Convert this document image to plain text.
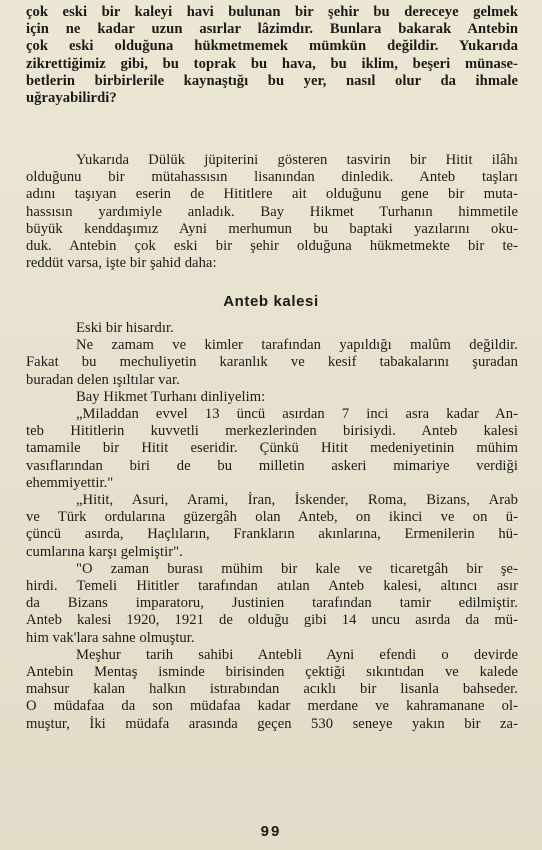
çok eski bir kaleyi havi bulunan bir şehir bu dereceye gelmek

için ne kadar uzun asırlar lâzimdır. Bunlara bakarak Antebin

çok eski olduğuna hükmetmemek mümkün değildir. Yukarıda

zikrettiğimiz gibi, bu toprak bu hava, bu iklim, beşeri münase-

betlerin birbirlerile kaynaştığı bu yer, nasıl olur da ihmale

uğrayabilirdi?

Yukarıda Dülük jüpiterini gösteren tasvirin bir Hitit ilâhı

olduğunu bir mütahassısın lisanından dinledik. Anteb taşları

adını taşıyan eserin de Hititlere ait olduğunu gene bir muta-

hassısın yardımiyle anladık. Bay Hikmet Turhanın himmetile

büyük kenddaşımız Ayni merhumun bu baptaki yazılarını oku-

duk. Antebin çok eski bir şehir olduğuna hükmetmekte bir te-

reddüt varsa, işte bir şahid daha:

Anteb kalesi

Eski bir hisardır.

Ne zamam ve kimler tarafından yapıldığı malûm değildir.

Fakat bu mechuliyetin karanlık ve kesif tabakalarını şuradan

buradan delen ışıltılar var.

Bay Hikmet Turhanı dinliyelim:

„Miladdan evvel 13 üncü asırdan 7 inci asra kadar An-

teb Hititlerin kuvvetli merkezlerinden birisiydi. Anteb kalesi

tamamile bir Hitit eseridir. Çünkü Hitit medeniyetinin mühim

vasıflarından biri de bu milletin askeri mimariye verdiği

ehemmiyettir."

„Hitit, Asuri, Arami, İran, İskender, Roma, Bizans, Arab

ve Türk ordularına güzergâh olan Anteb, on ikinci ve on ü-

çüncü asırda, Haçlıların, Frankların akınlarına, Ermenilerin hü-

cumlarına karşı gelmiştir".

"O zaman burası mühim bir kale ve ticaretgâh bir şe-

hirdi. Temeli Hititler tarafından atılan Anteb kalesi, altıncı asır

da Bizans imparatoru, Justinien tarafından tamir edilmiştir.

Anteb kalesi 1920, 1921 de olduğu gibi 14 uncu asırda da mü-

him vak'lara sahne olmuştur.

Meşhur tarih sahibi Antebli Ayni efendi o devirde

Antebin Mentaş isminde birisinden çektiği sıkıntıdan ve kalede

mahsur kalan halkın istırabından acıklı bir lisanla bahseder.

O müdafaa da son müdafaa kadar merdane ve kahramanane ol-

muştur, İki müdafa arasında geçen 530 seneye yakın bir za-

99
